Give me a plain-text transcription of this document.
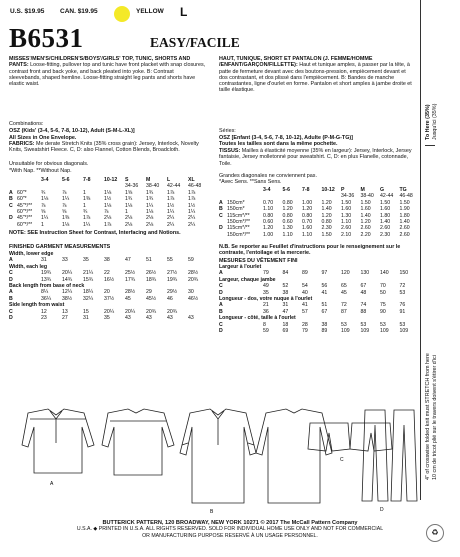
U.S. $19.95 CAN. $19.95	YELLOW L
B6531	EASY/FACILE
MISSES'/MEN'S/CHILDREN'S/BOYS'/GIRLS' TOP, TUNIC, SHORTS AND PANTS: Loose-fitting, pullover top and tunic have front placket with snap closures, contrast front and back yoke, and back pleated into yoke. B: Contrast sleevebands, shaped hemline. Loose-fitting straight leg pants and shorts have elastic waist.
Combinations:
OSZ (Kids' (3-4, 5-6, 7-8, 10-12), Adult (S-M-L-XL)]
All Sizes in One Envelope.
FABRICS: Me derate Stretch Knits (35% cross grain): Jersey, Interlock, Novelty Knits, Sweatshirt Fleece. C, D: also Flannel, Cotton Blends, Broadcloth.
Unsuitable for obvious diagonals.
*With Nap. **Without Nap.
3-4	5-6	7-8	10-12	S	M	L	XL
34-36	38-40	42-44	46-48
A 60"*	¾	⅞	1	1⅛	1⅝	1¾	1⅞	1⅞
B 60"*	1⅛	1¼	1⅜	1½	1¾	1¾	1⅞	1⅞
C 45"*/**	⅞	⅞	1	1⅛	1⅛	1¼	1½	1½
60"*/**	⅝	⅝	¾	⅞	1	1⅛	1¼	1¼
D 45"*/**	1¼	1⅜	1⅞	2⅛	2⅛	2⅛	2¼	2¼
60"*/**	1	1⅛	1¼	1⅞	2⅛	2⅛	2¼	2¼
NOTE: SEE Instruction Sheet for Contrast, Interfacing and Notions.
FINISHED GARMENT MEASUREMENTS
Width, lower edge
A	31	33	35	38	47	51	55	59
Width, each leg
C	19¾	20¼	21¼	22	25½	26½	27½	28½
D	13¾	14¾	15¾	16½	17¾	18¾	19¾	20¾
Back length from base of neck
A	8¼	12¼	18¼	20	28½	29	29½	30
B	36¼	38½	32¼	37½	45	45½	46	46½
Side length from waist
C	12	13	15	20¼	20¼	20¾	20¾
D	23	27	31	35	43	43	43	43
HAUT, TUNIQUE, SHORT ET PANTALON (J. FEMME/HOMME /ENFANT/GARÇON/FILLETTE): Haut et tunique amples, à passer par la tête, à patte de fermeture devant avec des boutons-pression, empiècement devant et dos contrastant, et dos plissé dans l'empiècement. B: Bandes de manche contrastantes, ligne d'ourlet en forme. Pantalon et short amples à jambe droite et taille élastique.
Séries:
OSZ [Enfant (3-4, 5-6, 7-8, 10-12), Adulte (P-M-G-TG)]
Toutes les tailles sont dans la même pochette.
TISSUS: Mailles à élasticité moyenne (35% en largeur): Jersey, Interlock, Jersey fantaisie, Jersey molletonné pour sweatshirt. C, D: en plus Flanelle, cotonnade, Toile.
Grandes diagonales ne conviennent pas.
*Avec Sens. **Sans Sens.
3-4	5-6	7-8	10-12	P	M	G	TG
34-36	38-40	42-44	46-48
A 150cm*	0.70	0.80	1.00	1.20	1.50	1.50	1.50	1.50
B 150cm*	1.10	1.20	1.20	1.40	1.60	1.60	1.60	1.90
C 115cm*/**	0.80	0.80	0.80	1.20	1.30	1.40	1.80	1.80
150cm*/**	0.60	0.60	0.70	0.80	1.10	1.20	1.40	1.40
D 115cm*/**	1.20	1.30	1.60	2.30	2.60	2.60	2.60	2.60
150cm*/**	1.00	1.10	1.10	1.50	2.10	2.20	2.30	2.60
N.B. Se reporter au Feuillet d'instructions pour le renseignement sur le contraste, l'entoilage et la mercerie.
MESURES DU VÊTEMENT FINI
Largeur à l'ourlet
A	79	84	89	97	120	130	140	150
Largeur, chaque jambe
C	49	52	54	56	65	67	70	72
D	35	38	40	41	45	48	50	53
Longueur - dos, votre nuque à l'ourlet
A	21	31	41	51	72	74	75	76
B	36	47	57	67	87	88	90	91
Longueur - côté, taille à l'ourlet
C	8	18	28	38	53	53	53	53
D	59	69	79	89	109	109	109	109
To Here (35%) Jusqu'ici (35%)
4" of crosswise folded knit must STRETCH from here 10 cm de tricot plié sur le travers doivent s'étirer d'ici
A
B
C
D
BUTTERICK PATTERN, 120 BROADWAY, NEW YORK 10271 © 2017 The McCall Pattern Company
U.S.A. ◆ PRINTED IN U.S.A. ALL RIGHTS RESERVED. SOLD FOR INDIVIDUAL HOME USE ONLY AND NOT FOR COMMERCIAL
OR MANUFACTURING PURPOSE RESERVÉ À UN USAGE PERSONNEL.	♻
